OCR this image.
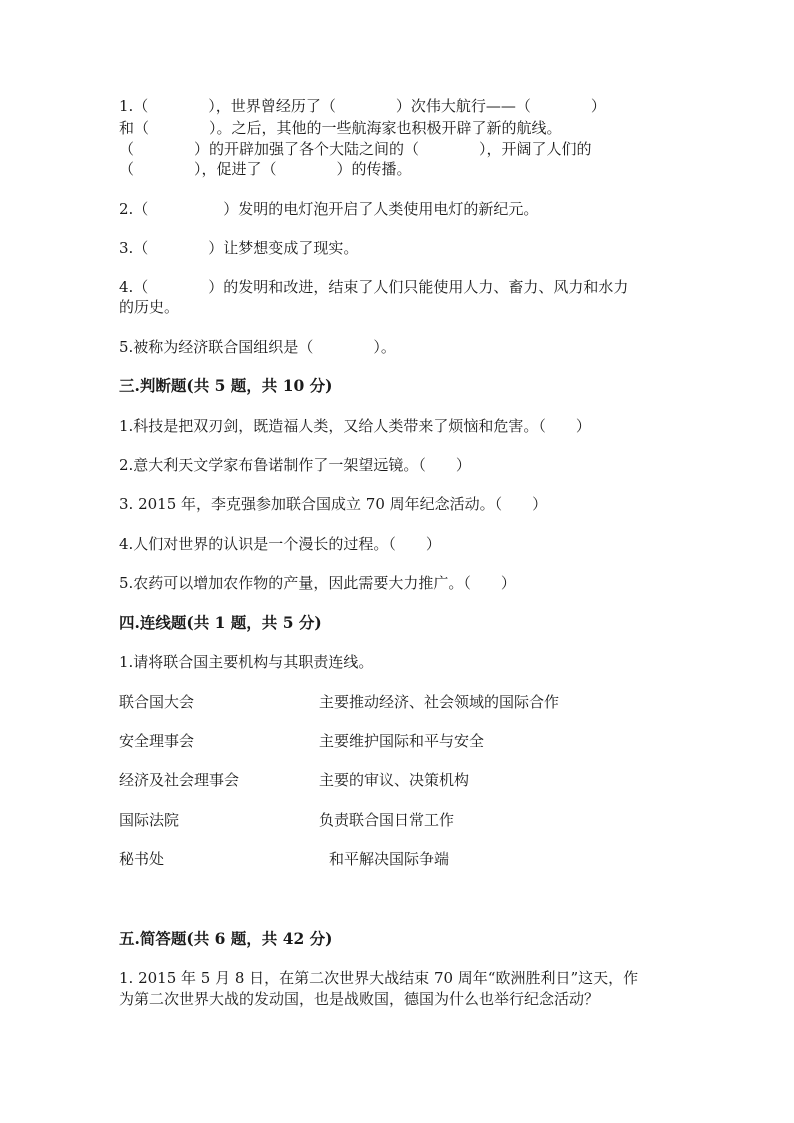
1.（　　　　），世界曾经历了（　　　　）次伟大航行——（　　　　）
和（　　　　）。之后，其他的一些航海家也积极开辟了新的航线。
（　　　　）的开辟加强了各个大陆之间的（　　　　），开阔了人们的
（　　　　），促进了（　　　　）的传播。
2.（　　　　　）发明的电灯泡开启了人类使用电灯的新纪元。
3.（　　　　）让梦想变成了现实。
4.（　　　　）的发明和改进，结束了人们只能使用人力、畜力、风力和水力
的历史。
5.被称为经济联合国组织是（　　　　）。
三.判断题(共 5 题，共 10 分)
1.科技是把双刃剑，既造福人类，又给人类带来了烦恼和危害。（　　）
2.意大利天文学家布鲁诺制作了一架望远镜。（　　）
3. 2015 年，李克强参加联合国成立 70 周年纪念活动。（　　）
4.人们对世界的认识是一个漫长的过程。（　　）
5.农药可以增加农作物的产量，因此需要大力推广。（　　）
四.连线题(共 1 题，共 5 分)
1.请将联合国主要机构与其职责连线。
联合国大会	主要推动经济、社会领域的国际合作
安全理事会	主要维护国际和平与安全
经济及社会理事会	主要的审议、决策机构
国际法院	负责联合国日常工作
秘书处	和平解决国际争端
五.简答题(共 6 题，共 42 分)
1. 2015 年 5 月 8 日，在第二次世界大战结束 70 周年“欧洲胜利日”这天，作
为第二次世界大战的发动国，也是战败国，德国为什么也举行纪念活动？
